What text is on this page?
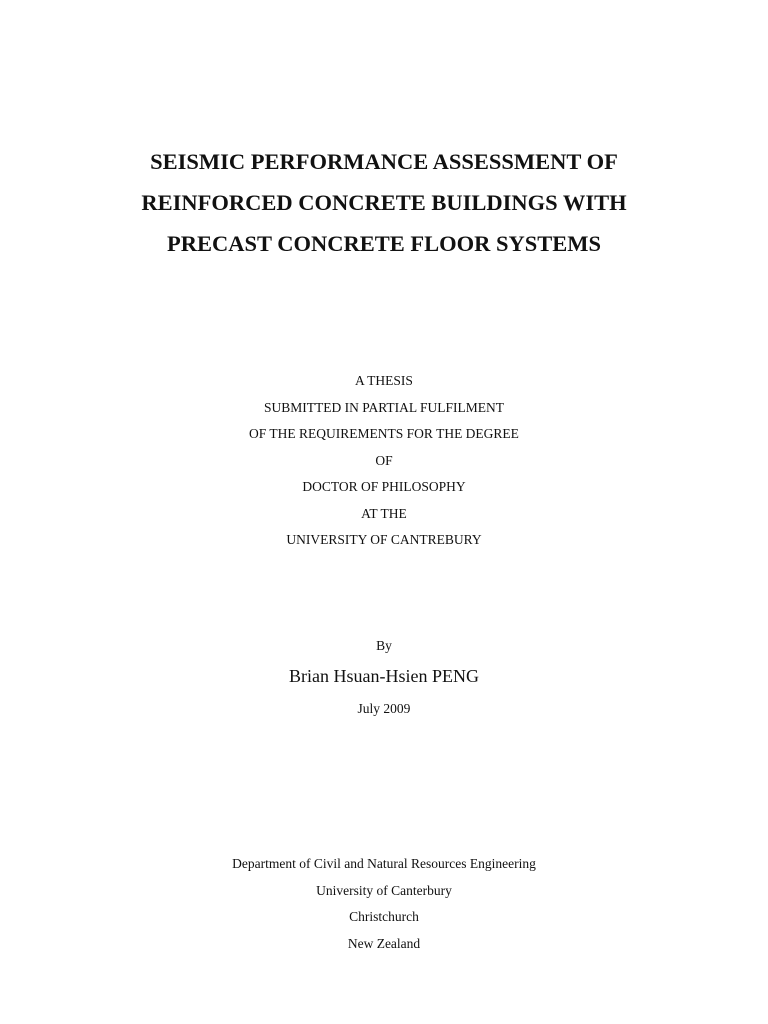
SEISMIC PERFORMANCE ASSESSMENT OF
REINFORCED CONCRETE BUILDINGS WITH
PRECAST CONCRETE FLOOR SYSTEMS
A THESIS
SUBMITTED IN PARTIAL FULFILMENT
OF THE REQUIREMENTS FOR THE DEGREE
OF
DOCTOR OF PHILOSOPHY
AT THE
UNIVERSITY OF CANTREBURY
By
Brian Hsuan-Hsien PENG
July 2009
Department of Civil and Natural Resources Engineering
University of Canterbury
Christchurch
New Zealand
